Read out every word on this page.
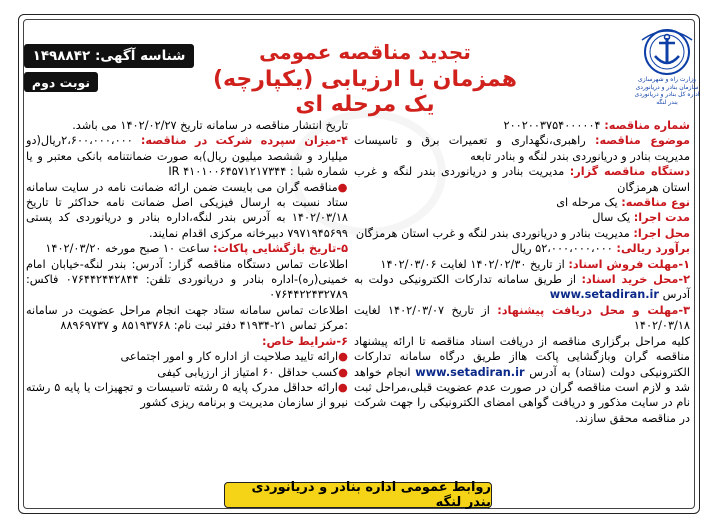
وزارت راه و شهرسازی
سازمان بنادر و دریانوردی
اداره کل بنادر و دریانوردی بندر لنگه
تجدید مناقصه عمومی
همزمان با ارزیابی (یکپارچه) یک مرحله ای
شناسه آگهی: ۱۴۹۸۸۴۲
نوبت دوم

شماره مناقصه: ۲۰۰۲۰۰۳۷۵۴۰۰۰۰۰۴

موضوع مناقصه: راهبری،نگهداری و تعمیرات برق و تاسیسات مدیریت بنادر و دریانوردی بندر لنگه و بنادر تابعه

دستگاه مناقصه گزار: مدیریت بنادر و دریانوردی بندر لنگه و غرب استان هرمزگان

نوع مناقصه: یک مرحله ای

مدت اجرا: یک سال

محل اجرا: مدیریت بنادر و دریانوردی بندر لنگه و غرب استان هرمزگان

برآورد ریالی: ۵۲،۰۰۰،۰۰۰،۰۰۰ ریال

۱-مهلت فروش اسناد: از تاریخ ۱۴۰۲/۰۲/۳۰ لغایت ۱۴۰۲/۰۳/۰۶

۲-محل خرید اسناد: از طریق سامانه تدارکات الکترونیکی دولت به آدرس www.setadiran.ir

۳-مهلت و محل دریافت پیشنهاد: از تاریخ ۱۴۰۲/۰۳/۰۷ لغایت ۱۴۰۲/۰۳/۱۸

کلیه مراحل برگزاری مناقصه از دریافت اسناد مناقصه تا ارائه پیشنهاد مناقصه گران وبازگشایی پاکت هااز طریق درگاه سامانه تدارکات الکترونیکی دولت (ستاد) به آدرس www.setadiran.ir انجام خواهد شد و لازم است مناقصه گران در صورت عدم عضویت قبلی،مراحل ثبت نام در سایت مذکور و دریافت گواهی امضای الکترونیکی را جهت شرکت در مناقصه محقق سازند.

تاریخ انتشار مناقصه در سامانه تاریخ ۱۴۰۲/۰۲/۲۷ می باشد.

۴-میزان سپرده شرکت در مناقصه: ۲،۶۰۰،۰۰۰،۰۰۰ریال(دو میلیارد و ششصد میلیون ریال)به صورت ضمانتنامه بانکی معتبر و یا شماره شبا : IR ۴۱۰۱۰۰۶۴۵۷۱۲۱۷۳۴۴

●مناقصه گران می بایست ضمن ارائه ضمانت نامه در سایت سامانه ستاد نسبت به ارسال فیزیکی اصل ضمانت نامه حداکثر تا تاریخ ۱۴۰۲/۰۳/۱۸ به آدرس بندر لنگه،اداره بنادر و دریانوردی کد پستی ۷۹۷۱۹۴۵۶۹۹ دبیرخانه مرکزی اقدام نمایند.

۵-تاریخ بازگشایی پاکات: ساعت ۱۰ صبح مورخه ۱۴۰۲/۰۳/۲۰

اطلاعات تماس دستگاه مناقصه گزار: آدرس: بندر لنگه-خیابان امام خمینی(ره)-اداره بنادر و دریانوردی تلفن: ۰۷۶۴۴۲۴۴۲۸۴۴ فاکس: ۰۷۶۴۴۲۲۴۳۲۷۸۹

اطلاعات تماس سامانه ستاد جهت انجام مراحل عضویت در سامانه :مرکز تماس ۲۱-۴۱۹۳۴ دفتر ثبت نام: ۸۵۱۹۳۷۶۸ و ۸۸۹۶۹۷۳۷

۶-شرایط خاص:

●ارائه تایید صلاحیت از اداره کار و امور اجتماعی

●کسب حداقل ۶۰ امتیاز از ارزیابی کیفی

●ارائه حداقل مدرک پایه ۵ رشته تاسیسات و تجهیزات یا پایه ۵ رشته نیرو از سازمان مدیریت و برنامه ریزی کشور

روابط عمومی اداره بنادر و دریانوردی بندر لنگه
